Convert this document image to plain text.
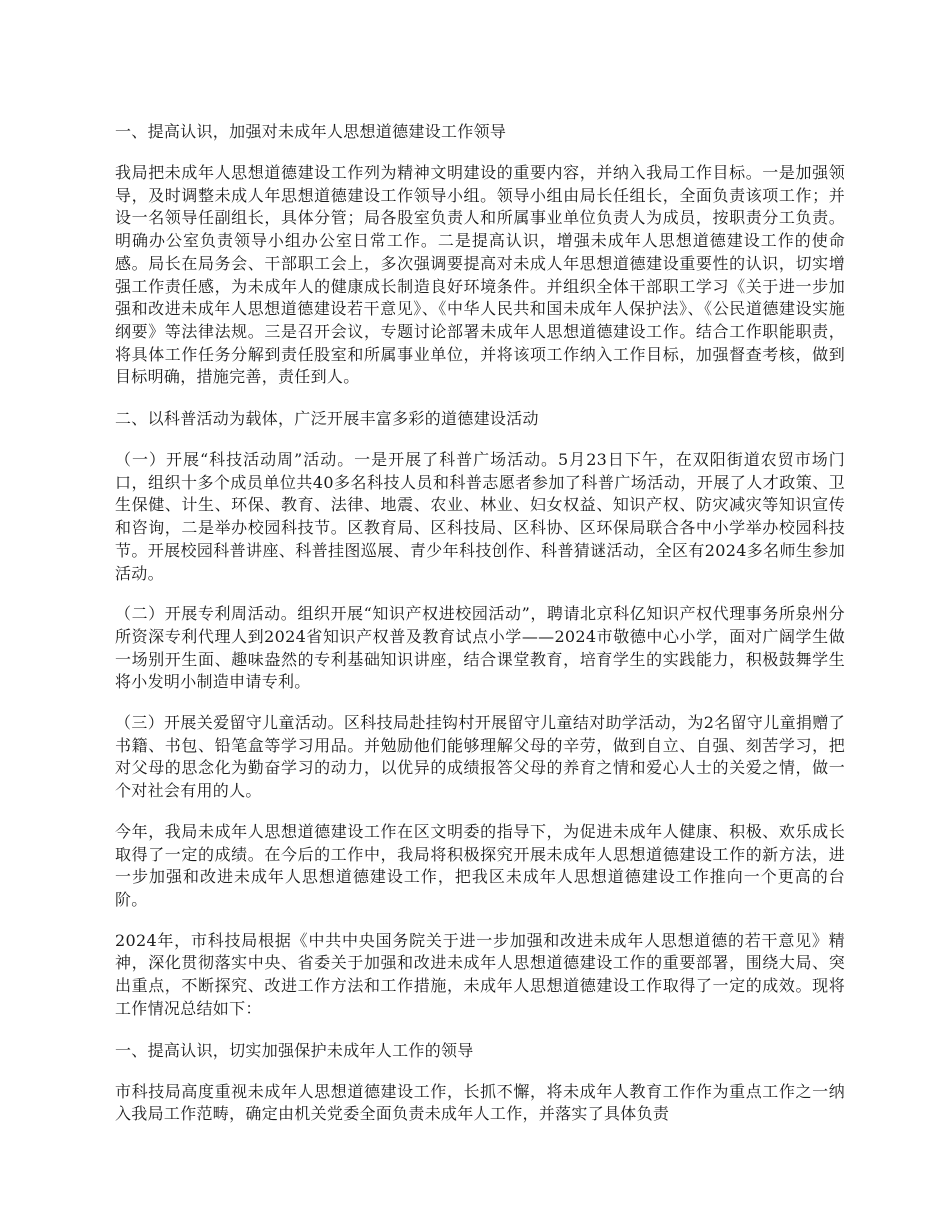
一、提高认识，加强对未成年人思想道德建设工作领导
我局把未成年人思想道德建设工作列为精神文明建设的重要内容，并纳入我局工作目标。一是加强领导，及时调整未成人年思想道德建设工作领导小组。领导小组由局长任组长，全面负责该项工作；并设一名领导任副组长，具体分管；局各股室负责人和所属事业单位负责人为成员，按职责分工负责。明确办公室负责领导小组办公室日常工作。二是提高认识，增强未成年人思想道德建设工作的使命感。局长在局务会、干部职工会上，多次强调要提高对未成人年思想道德建设重要性的认识，切实增强工作责任感，为未成年人的健康成长制造良好环境条件。并组织全体干部职工学习《关于进一步加强和改进未成年人思想道德建设若干意见》、《中华人民共和国未成年人保护法》、《公民道德建设实施纲要》等法律法规。三是召开会议，专题讨论部署未成年人思想道德建设工作。结合工作职能职责，将具体工作任务分解到责任股室和所属事业单位，并将该项工作纳入工作目标，加强督查考核，做到目标明确，措施完善，责任到人。
二、以科普活动为载体，广泛开展丰富多彩的道德建设活动
（一）开展“科技活动周”活动。一是开展了科普广场活动。5月23日下午，在双阳街道农贸市场门口，组织十多个成员单位共40多名科技人员和科普志愿者参加了科普广场活动，开展了人才政策、卫生保健、计生、环保、教育、法律、地震、农业、林业、妇女权益、知识产权、防灾减灾等知识宣传和咨询，二是举办校园科技节。区教育局、区科技局、区科协、区环保局联合各中小学举办校园科技节。开展校园科普讲座、科普挂图巡展、青少年科技创作、科普猜谜活动，全区有2024多名师生参加活动。
（二）开展专利周活动。组织开展“知识产权进校园活动”，聘请北京科亿知识产权代理事务所泉州分所资深专利代理人到2024省知识产权普及教育试点小学——2024市敬德中心小学，面对广阔学生做一场别开生面、趣味盎然的专利基础知识讲座，结合课堂教育，培育学生的实践能力，积极鼓舞学生将小发明小制造申请专利。
（三）开展关爱留守儿童活动。区科技局赴挂钩村开展留守儿童结对助学活动，为2名留守儿童捐赠了书籍、书包、铅笔盒等学习用品。并勉励他们能够理解父母的辛劳，做到自立、自强、刻苦学习，把对父母的思念化为勤奋学习的动力，以优异的成绩报答父母的养育之情和爱心人士的关爱之情，做一个对社会有用的人。
今年，我局未成年人思想道德建设工作在区文明委的指导下，为促进未成年人健康、积极、欢乐成长取得了一定的成绩。在今后的工作中，我局将积极探究开展未成年人思想道德建设工作的新方法，进一步加强和改进未成年人思想道德建设工作，把我区未成年人思想道德建设工作推向一个更高的台阶。
2024年，市科技局根据《中共中央国务院关于进一步加强和改进未成年人思想道德的若干意见》精神，深化贯彻落实中央、省委关于加强和改进未成年人思想道德建设工作的重要部署，围绕大局、突出重点，不断探究、改进工作方法和工作措施，未成年人思想道德建设工作取得了一定的成效。现将工作情况总结如下：
一、提高认识，切实加强保护未成年人工作的领导
市科技局高度重视未成年人思想道德建设工作，长抓不懈，将未成年人教育工作作为重点工作之一纳入我局工作范畴，确定由机关党委全面负责未成年人工作，并落实了具体负责
